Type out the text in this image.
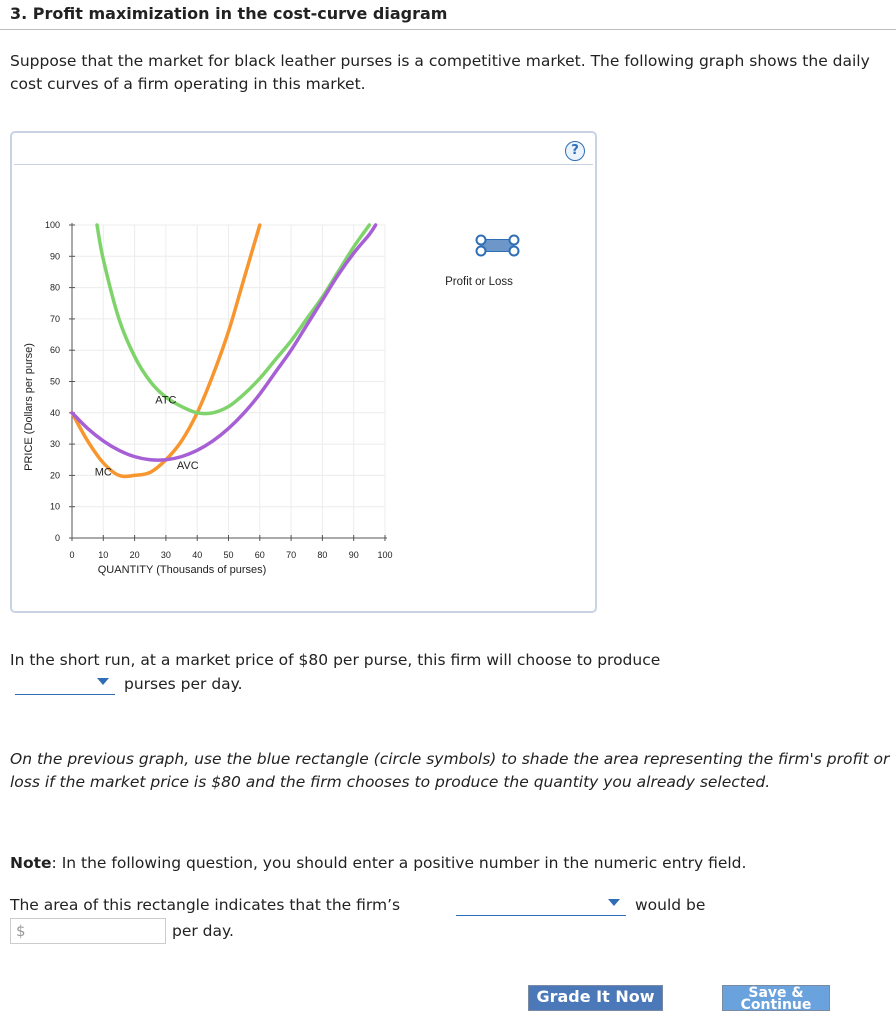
3. Profit maximization in the cost-curve diagram
Suppose that the market for black leather purses is a competitive market. The following graph shows the daily cost curves of a firm operating in this market.
?
0	10 20 30 40 50 60 70 80 90 100
0
10
20
30
40
50
60
70
80
90
100
MC
ATC
AVC
QUANTITY (Thousands of purses)
PRICE (Dollars per purse)
Profit or Loss
In the short run, at a market price of $80 per purse, this firm will choose to produce
purses per day.
On the previous graph, use the blue rectangle (circle symbols) to shade the area representing the firm's profit or loss if the market price is $80 and the firm chooses to produce the quantity you already selected.
Note: In the following question, you should enter a positive number in the numeric entry field.
The area of this rectangle indicates that the firm’s	would be
$	per day.
Grade It Now	Save &
Continue
